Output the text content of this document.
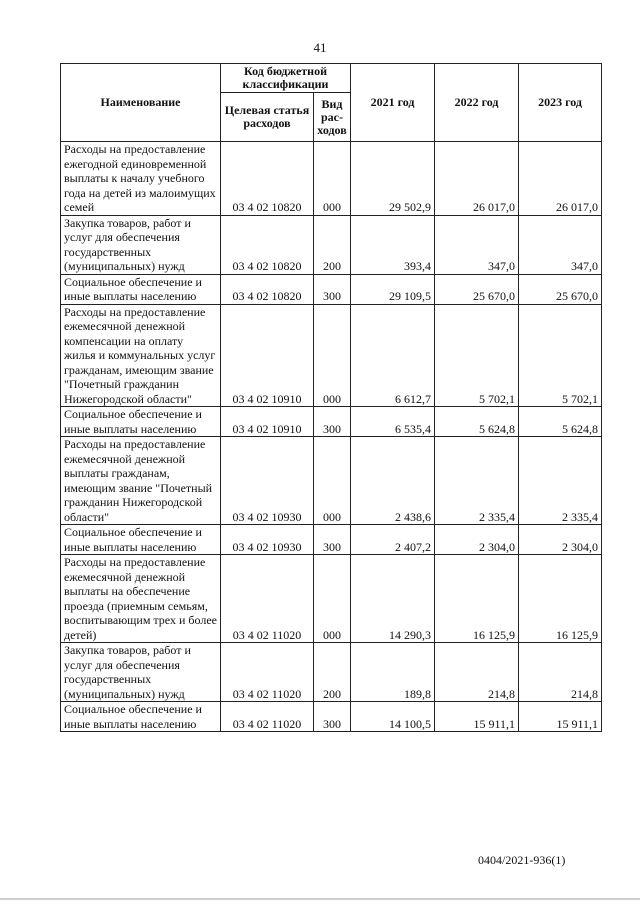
41
Наименование	Код бюджетной классификации		2021 год	2022 год	2023 год
	Целевая статья расходов	Вид рас-ходов			
Расходы на предоставление ежегодной единовременной выплаты к началу учебного года на детей из малоимущих семей	03 4 02 10820	000	29 502,9	26 017,0	26 017,0
Закупка товаров, работ и услуг для обеспечения государственных (муниципальных) нужд	03 4 02 10820	200	393,4	347,0	347,0
Социальное обеспечение и иные выплаты населению	03 4 02 10820	300	29 109,5	25 670,0	25 670,0
Расходы на предоставление ежемесячной денежной компенсации на оплату жилья и коммунальных услуг гражданам, имеющим звание "Почетный гражданин Нижегородской области"	03 4 02 10910	000	6 612,7	5 702,1	5 702,1
Социальное обеспечение и иные выплаты населению	03 4 02 10910	300	6 535,4	5 624,8	5 624,8
Расходы на предоставление ежемесячной денежной выплаты гражданам, имеющим звание "Почетный гражданин Нижегородской области"	03 4 02 10930	000	2 438,6	2 335,4	2 335,4
Социальное обеспечение и иные выплаты населению	03 4 02 10930	300	2 407,2	2 304,0	2 304,0
Расходы на предоставление ежемесячной денежной выплаты на обеспечение проезда (приемным семьям, воспитывающим трех и более детей)	03 4 02 11020	000	14 290,3	16 125,9	16 125,9
Закупка товаров, работ и услуг для обеспечения государственных (муниципальных) нужд	03 4 02 11020	200	189,8	214,8	214,8
Социальное обеспечение и иные выплаты населению	03 4 02 11020	300	14 100,5	15 911,1	15 911,1
0404/2021-936(1)
